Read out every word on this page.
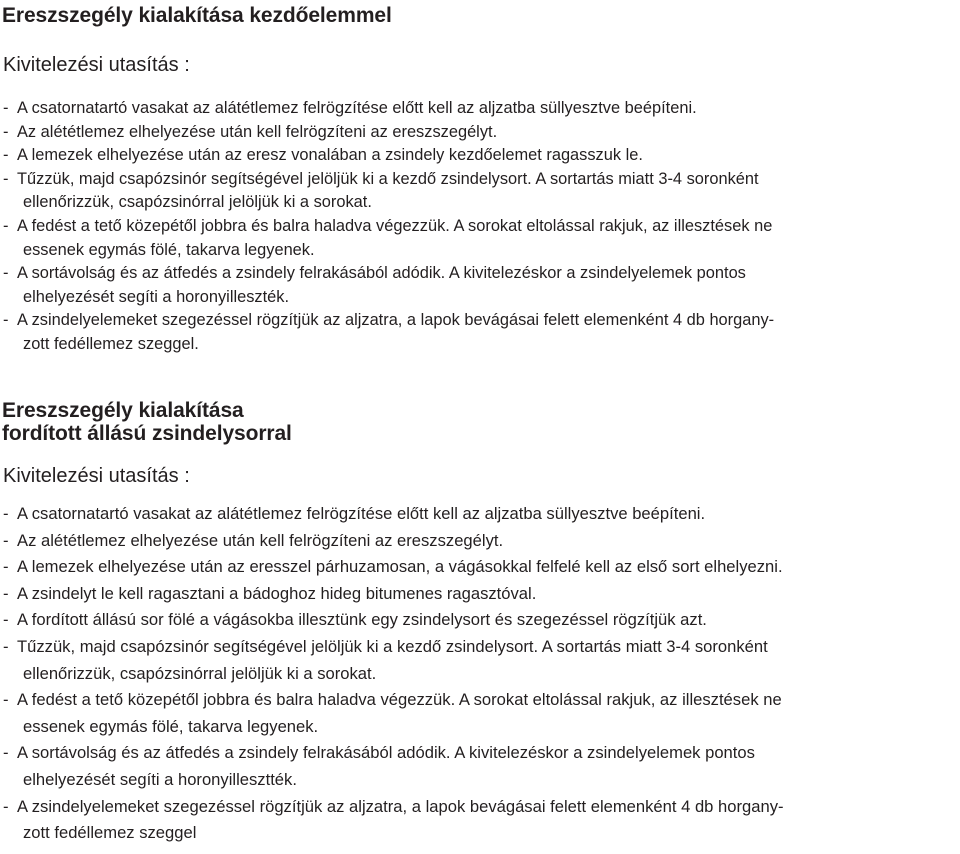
Ereszszegély kialakítása kezdőelemmel
Kivitelezési utasítás :
- A csatornatartó vasakat az alátétlemez felrögzítése előtt kell az aljzatba süllyesztve beépíteni.
- Az alététlemez elhelyezése után kell felrögzíteni az ereszszegélyt.
- A lemezek elhelyezése után az eresz vonalában a zsindely kezdőelemet ragasszuk le.
- Tűzzük, majd csapózsinór segítségével jelöljük ki a kezdő zsindelysort. A sortartás miatt 3-4 soronként
ellenőrizzük, csapózsinórral jelöljük ki a sorokat.
- A fedést a tető közepétől jobbra és balra haladva végezzük. A sorokat eltolással rakjuk, az illesztések ne
essenek egymás fölé, takarva legyenek.
- A sortávolság és az átfedés a zsindely felrakásából adódik. A kivitelezéskor a zsindelyelemek pontos
elhelyezését segíti a horonyilleszték.
- A zsindelyelemeket szegezéssel rögzítjük az aljzatra, a lapok bevágásai felett elemenként 4 db horgany-
zott fedéllemez szeggel.
Ereszszegély kialakítása
fordított állású zsindelysorral
Kivitelezési utasítás :
- A csatornatartó vasakat az alátétlemez felrögzítése előtt kell az aljzatba süllyesztve beépíteni.
- Az alététlemez elhelyezése után kell felrögzíteni az ereszszegélyt.
- A lemezek elhelyezése után az eresszel párhuzamosan, a vágásokkal felfelé kell az első sort elhelyezni.
- A zsindelyt le kell ragasztani a bádoghoz hideg bitumenes ragasztóval.
- A fordított állású sor fölé a vágásokba illesztünk egy zsindelysort és szegezéssel rögzítjük azt.
- Tűzzük, majd csapózsinór segítségével jelöljük ki a kezdő zsindelysort. A sortartás miatt 3-4 soronként
ellenőrizzük, csapózsinórral jelöljük ki a sorokat.
- A fedést a tető közepétől jobbra és balra haladva végezzük. A sorokat eltolással rakjuk, az illesztések ne
essenek egymás fölé, takarva legyenek.
- A sortávolság és az átfedés a zsindely felrakásából adódik. A kivitelezéskor a zsindelyelemek pontos
elhelyezését segíti a horonyillesztték.
- A zsindelyelemeket szegezéssel rögzítjük az aljzatra, a lapok bevágásai felett elemenként 4 db horgany-
zott fedéllemez szeggel
